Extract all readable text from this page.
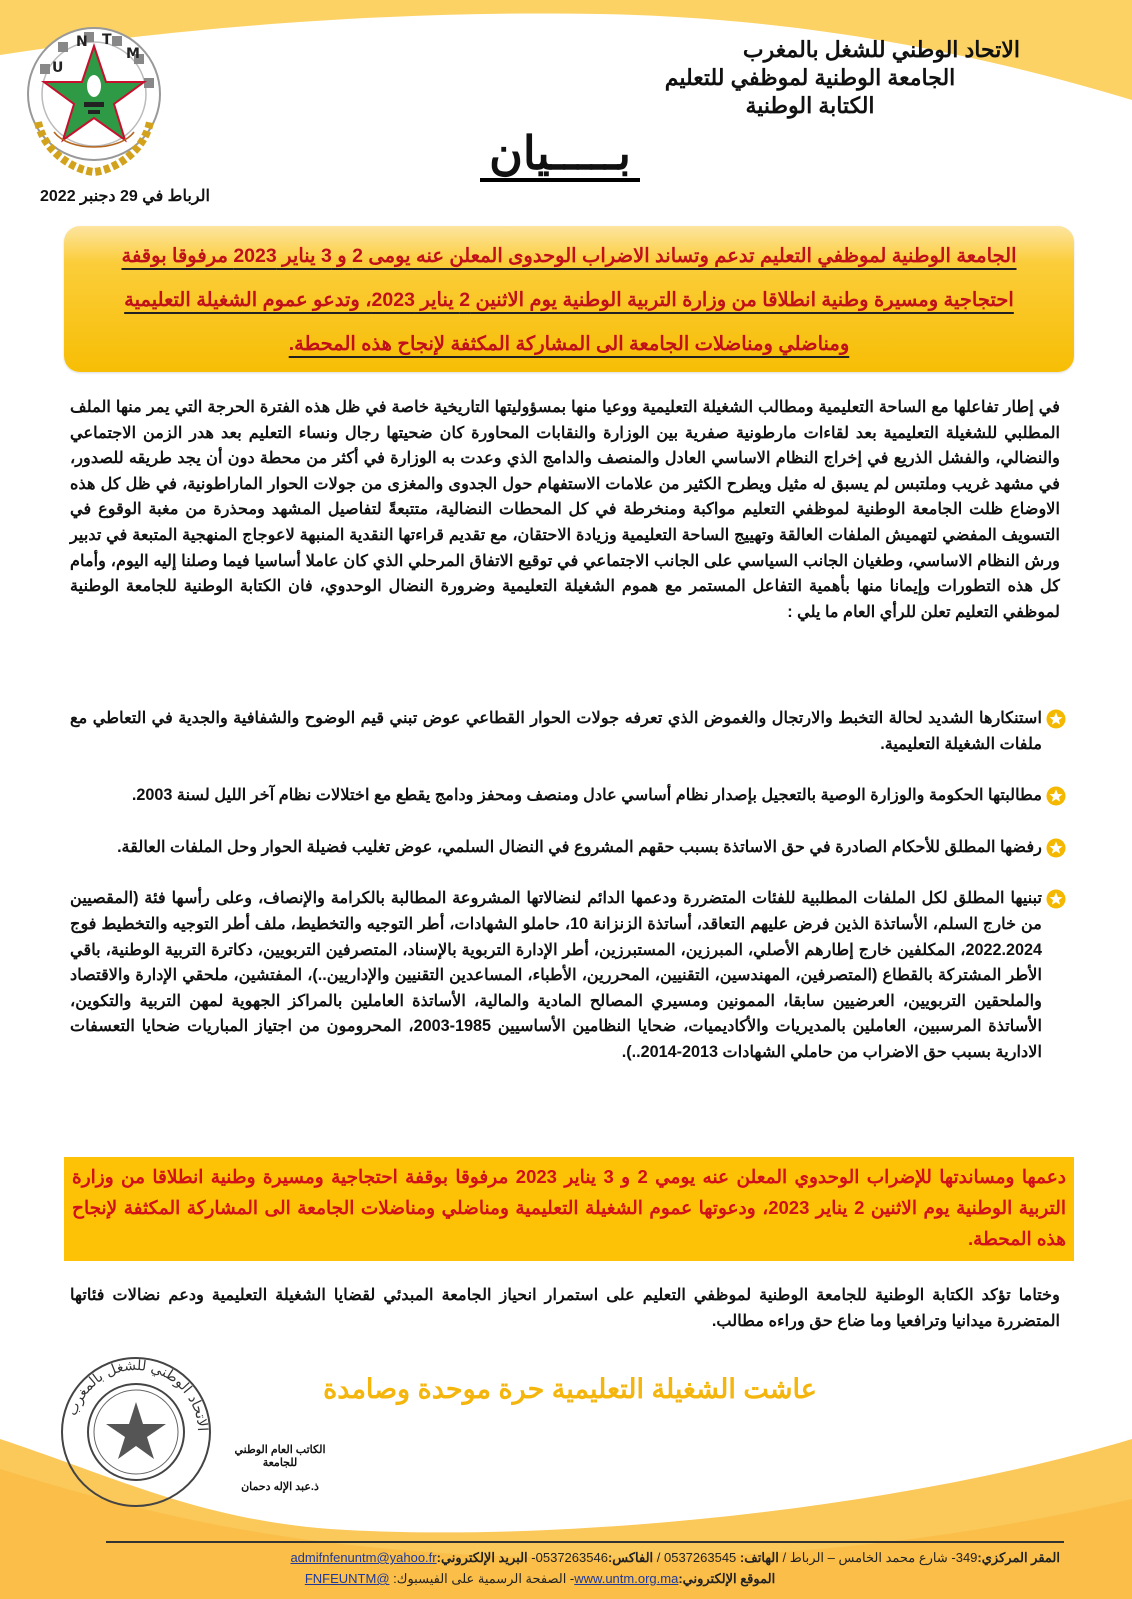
U
N T
M	الاتحاد الوطني للشغل بالمغرب
الجامعة الوطنية لموظفي للتعليم
الكتابة الوطنية
بـــــيان
الرباط في 29 دجنبر 2022

الجامعة الوطنية لموظفي التعليم تدعم وتساند الاضراب الوحدوى المعلن عنه يومى 2 و 3 يناير 2023 مرفوقا بوقفة

احتجاجية ومسيرة وطنية انطلاقا من وزارة التربية الوطنية يوم الاثنين 2 يناير 2023، وتدعو عموم الشغيلة التعليمية

ومناضلي ومناضلات الجامعة الى المشاركة المكثفة لإنجاح هذه المحطة.

في إطار تفاعلها مع الساحة التعليمية ومطالب الشغيلة التعليمية ووعيا منها بمسؤوليتها التاريخية خاصة في ظل هذه الفترة الحرجة التي يمر منها الملف المطلبي للشغيلة التعليمية بعد لقاءات مارطونية صفرية بين الوزارة والنقابات المحاورة كان ضحيتها رجال ونساء التعليم بعد هدر الزمن الاجتماعي والنضالي، والفشل الذريع في إخراج النظام الاساسي العادل والمنصف والدامج الذي وعدت به الوزارة في أكثر من محطة دون أن يجد طريقه للصدور، في مشهد غريب وملتبس لم يسبق له مثيل ويطرح الكثير من علامات الاستفهام حول الجدوى والمغزى من جولات الحوار الماراطونية، في ظل كل هذه الاوضاع ظلت الجامعة الوطنية لموظفي التعليم مواكبة ومنخرطة في كل المحطات النضالية، متتبعةً لتفاصيل المشهد ومحذرة من مغبة الوقوع في التسويف المفضي لتهميش الملفات العالقة وتهييج الساحة التعليمية وزيادة الاحتقان، مع تقديم قراءتها النقدية المنبهة لاعوجاج المنهجية المتبعة في تدبير ورش النظام الاساسي، وطغيان الجانب السياسي على الجانب الاجتماعي في توقيع الاتفاق المرحلي الذي كان عاملا أساسيا فيما وصلنا إليه اليوم، وأمام كل هذه التطورات وإيمانا منها بأهمية التفاعل المستمر مع هموم الشغيلة التعليمية وضرورة النضال الوحدوي، فان الكتابة الوطنية للجامعة الوطنية لموظفي التعليم تعلن للرأي العام ما يلي :

استنكارها الشديد لحالة التخبط والارتجال والغموض الذي تعرفه جولات الحوار القطاعي عوض تبني قيم الوضوح والشفافية والجدية في التعاطي مع ملفات الشغيلة التعليمية.
مطالبتها الحكومة والوزارة الوصية بالتعجيل بإصدار نظام أساسي عادل ومنصف ومحفز ودامج يقطع مع اختلالات نظام آخر الليل لسنة 2003.
رفضها المطلق للأحكام الصادرة في حق الاساتذة بسبب حقهم المشروع في النضال السلمي، عوض تغليب فضيلة الحوار وحل الملفات العالقة.
تبنيها المطلق لكل الملفات المطلبية للفئات المتضررة ودعمها الدائم لنضالاتها المشروعة المطالبة بالكرامة والإنصاف، وعلى رأسها فئة (المقصيين من خارج السلم، الأساتذة الذين فرض عليهم التعاقد، أساتذة الزنزانة 10، حاملو الشهادات، أطر التوجيه والتخطيط، ملف أطر التوجيه والتخطيط فوج 2022.2024، المكلفين خارج إطارهم الأصلي، المبرزين، المستبرزين، أطر الإدارة التربوية بالإسناد، المتصرفين التربويين، دكاترة التربية الوطنية، باقي الأطر المشتركة بالقطاع (المتصرفين، المهندسين، التقنيين، المحررين، الأطباء، المساعدين التقنيين والإداريين..)، المفتشين، ملحقي الإدارة والاقتصاد والملحقين التربويين، العرضيين سابقا، الممونين ومسيري المصالح المادية والمالية، الأساتذة العاملين بالمراكز الجهوية لمهن التربية والتكوين، الأساتذة المرسبين، العاملين بالمديريات والأكاديميات، ضحايا النظامين الأساسيين 1985-2003، المحرومون من اجتياز المباريات ضحايا التعسفات الادارية بسبب حق الاضراب من حاملي الشهادات 2013-2014..).

دعمها ومساندتها للإضراب الوحدوي المعلن عنه يومي 2 و 3 يناير 2023 مرفوقا بوقفة احتجاجية ومسيرة وطنية انطلاقا من وزارة التربية الوطنية يوم الاثنين 2 يناير 2023، ودعوتها عموم الشغيلة التعليمية ومناضلي ومناضلات الجامعة الى المشاركة المكثفة لإنجاح هذه المحطة.

وختاما تؤكد الكتابة الوطنية للجامعة الوطنية لموظفي التعليم على استمرار انحياز الجامعة المبدئي لقضايا الشغيلة التعليمية ودعم نضالات فئاتها المتضررة ميدانيا وترافعيا وما ضاع حق وراءه مطالب.

عاشت الشغيلة التعليمية حرة موحدة وصامدة
الاتحاد الوطني للشغل بالمغرب
الكاتب العام الوطني للجامعة
ذ.عبد الإله دحمان
المقر المركزي:349- شارع محمد الخامس – الرباط / الهاتف: 0537263545 / الفاكس:0537263546- البريد الإلكتروني:admifnfenuntm@yahoo.fr
الموقع الإلكتروني:www.untm.org.ma- الصفحة الرسمية على الفيسبوك: @FNFEUNTM
